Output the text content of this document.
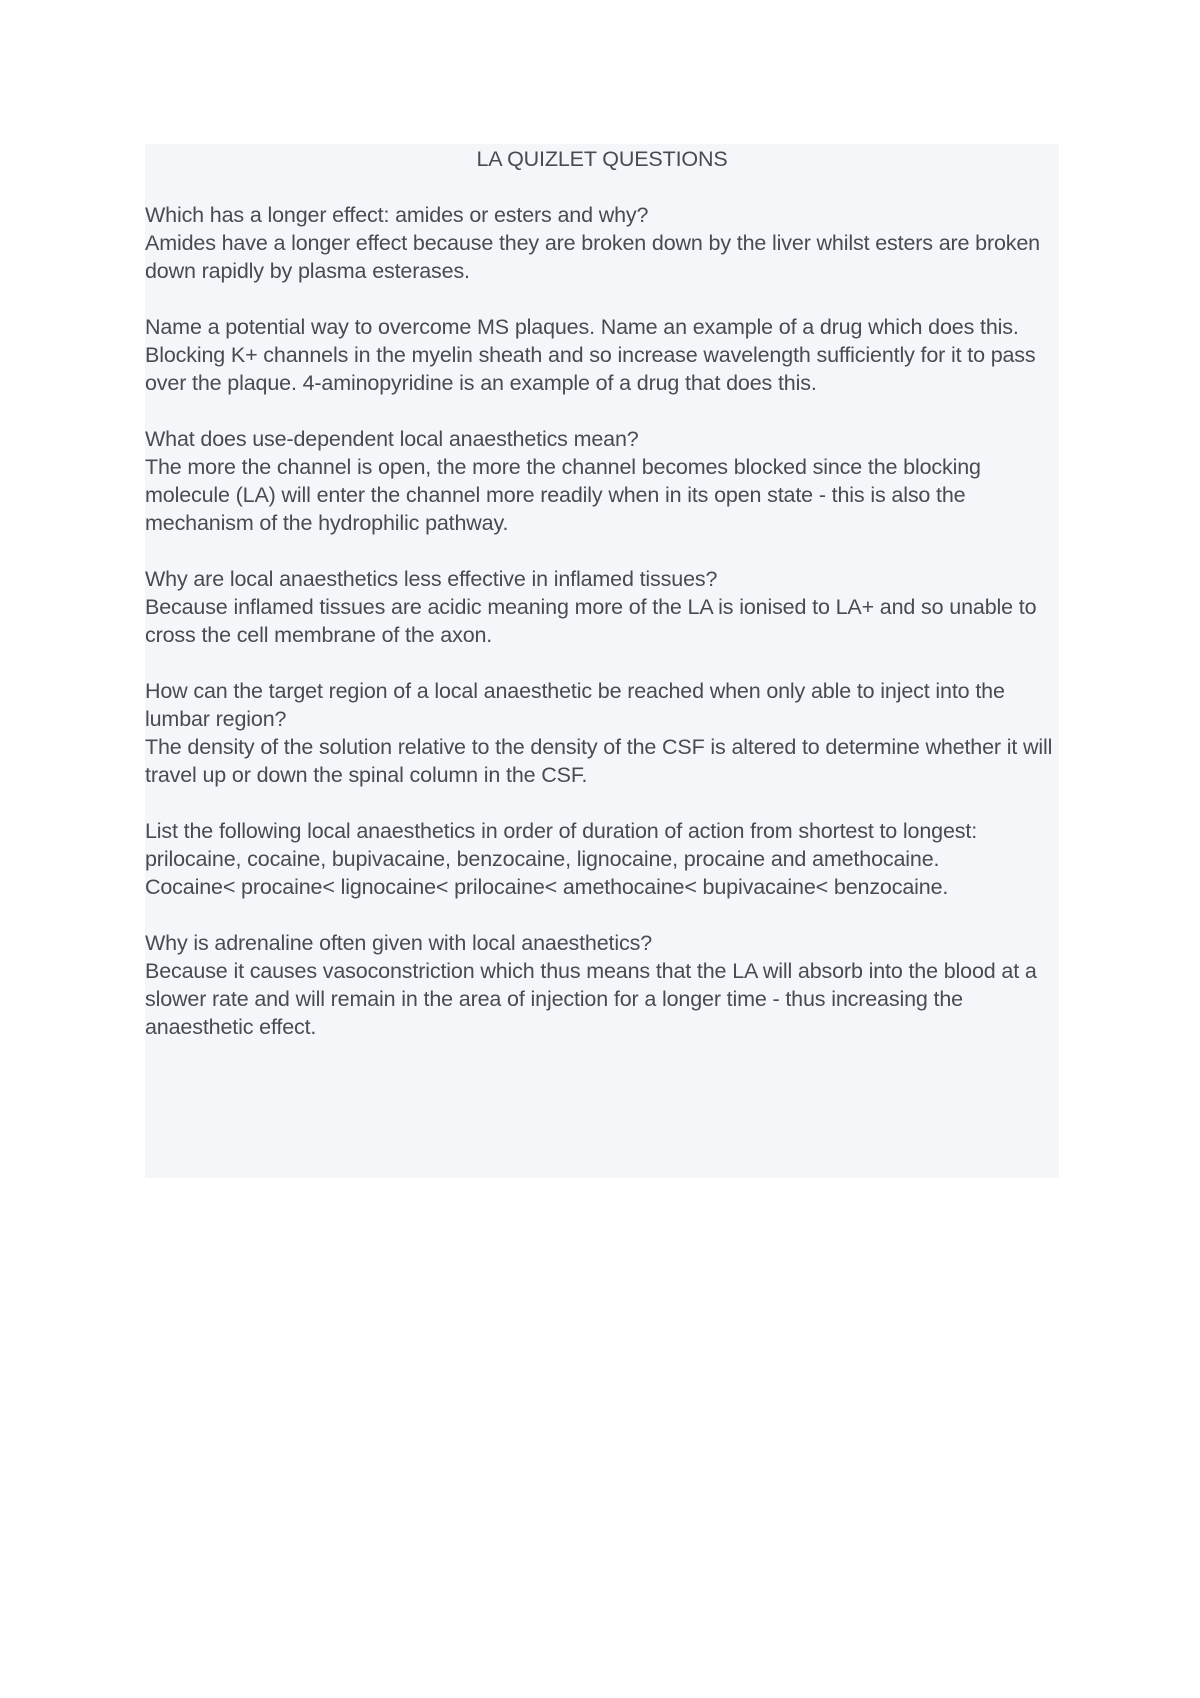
LA QUIZLET QUESTIONS

Which has a longer effect: amides or esters and why?

Amides have a longer effect because they are broken down by the liver whilst esters are broken down rapidly by plasma esterases.

Name a potential way to overcome MS plaques. Name an example of a drug which does this.

Blocking K+ channels in the myelin sheath and so increase wavelength sufficiently for it to pass over the plaque. 4-aminopyridine is an example of a drug that does this.

What does use-dependent local anaesthetics mean?

The more the channel is open, the more the channel becomes blocked since the blocking molecule (LA) will enter the channel more readily when in its open state - this is also the mechanism of the hydrophilic pathway.

Why are local anaesthetics less effective in inflamed tissues?

Because inflamed tissues are acidic meaning more of the LA is ionised to LA+ and so unable to cross the cell membrane of the axon.

How can the target region of a local anaesthetic be reached when only able to inject into the lumbar region?

The density of the solution relative to the density of the CSF is altered to determine whether it will travel up or down the spinal column in the CSF.

List the following local anaesthetics in order of duration of action from shortest to longest: prilocaine, cocaine, bupivacaine, benzocaine, lignocaine, procaine and amethocaine.

Cocaine< procaine< lignocaine< prilocaine< amethocaine< bupivacaine< benzocaine.

Why is adrenaline often given with local anaesthetics?

Because it causes vasoconstriction which thus means that the LA will absorb into the blood at a slower rate and will remain in the area of injection for a longer time - thus increasing the anaesthetic effect.
